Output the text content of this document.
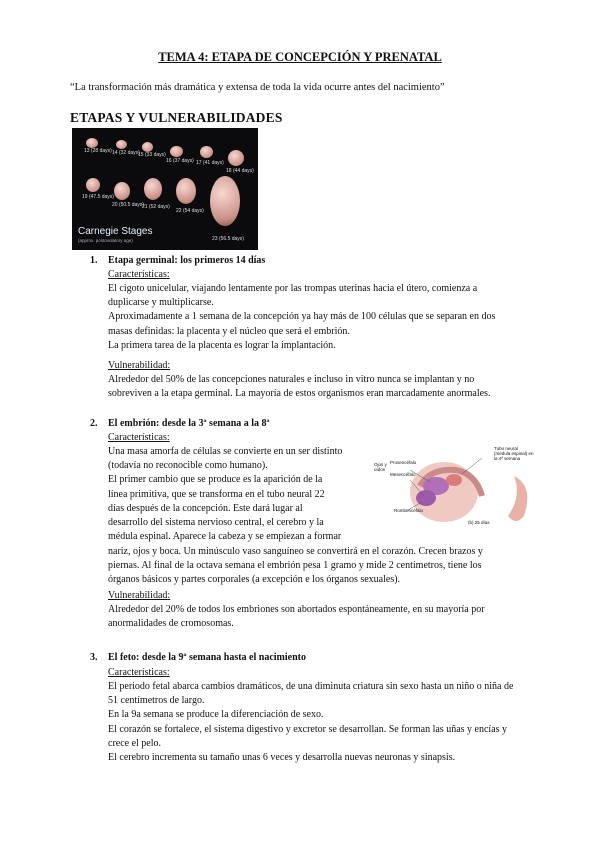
TEMA 4: ETAPA DE CONCEPCIÓN Y PRENATAL
“La transformación más dramática y extensa de toda la vida ocurre antes del nacimiento”
ETAPAS Y VULNERABILIDADES
13 (28 days) 14 (32 days)
15 (33 days)
16 (37 days) 17 (41 days)
18 (44 days)
19 (47.5 days)
20 (50.5 days)
21 (52 days)
22 (54 days)
23 (56.5 days)
Carnegie Stages
(approx. postovulatory age)
1. Etapa germinal: los primeros 14 días
Características:
El cigoto unicelular, viajando lentamente por las trompas uterinas hacia el útero, comienza a
duplicarse y multiplicarse.
Aproximadamente a 1 semana de la concepción ya hay más de 100 células que se separan en dos
masas definidas: la placenta y el núcleo que será el embrión.
La primera tarea de la placenta es lograr la implantación.
Vulnerabilidad:
Alrededor del 50% de las concepciones naturales e incluso in vitro nunca se implantan y no
sobreviven a la etapa germinal. La mayoría de estos organismos eran marcadamente anormales.
2. El embrión: desde la 3ª semana a la 8ª
Características:
Una masa amorfa de células se convierte en un ser distinto
(todavía no reconocible como humano).
El primer cambio que se produce es la aparición de la
línea primitiva, que se transforma en el tubo neural 22
días después de la concepción. Este dará lugar al
desarrollo del sistema nervioso central, el cerebro y la
médula espinal. Aparece la cabeza y se empiezan a formar
Tubo neural (médula espinal) en la 4ª semana
Ojos y oídos
Prosencéfalo
Mesencéfalo
Rombencéfalo
(b) 25 días
nariz, ojos y boca. Un minúsculo vaso sanguíneo se convertirá en el corazón. Crecen brazos y
piernas. Al final de la octava semana el embrión pesa 1 gramo y mide 2 centímetros, tiene los
órganos básicos y partes corporales (a excepción e los órganos sexuales).
Vulnerabilidad:
Alrededor del 20% de todos los embriones son abortados espontáneamente, en su mayoría por
anormalidades de cromosomas.
3. El feto: desde la 9ª semana hasta el nacimiento
Características:
El periodo fetal abarca cambios dramáticos, de una diminuta criatura sin sexo hasta un niño o niña de
51 centímetros de largo.
En la 9a semana se produce la diferenciación de sexo.
El corazón se fortalece, el sistema digestivo y excretor se desarrollan. Se forman las uñas y encías y
crece el pelo.
El cerebro incrementa su tamaño unas 6 veces y desarrolla nuevas neuronas y sinapsis.
